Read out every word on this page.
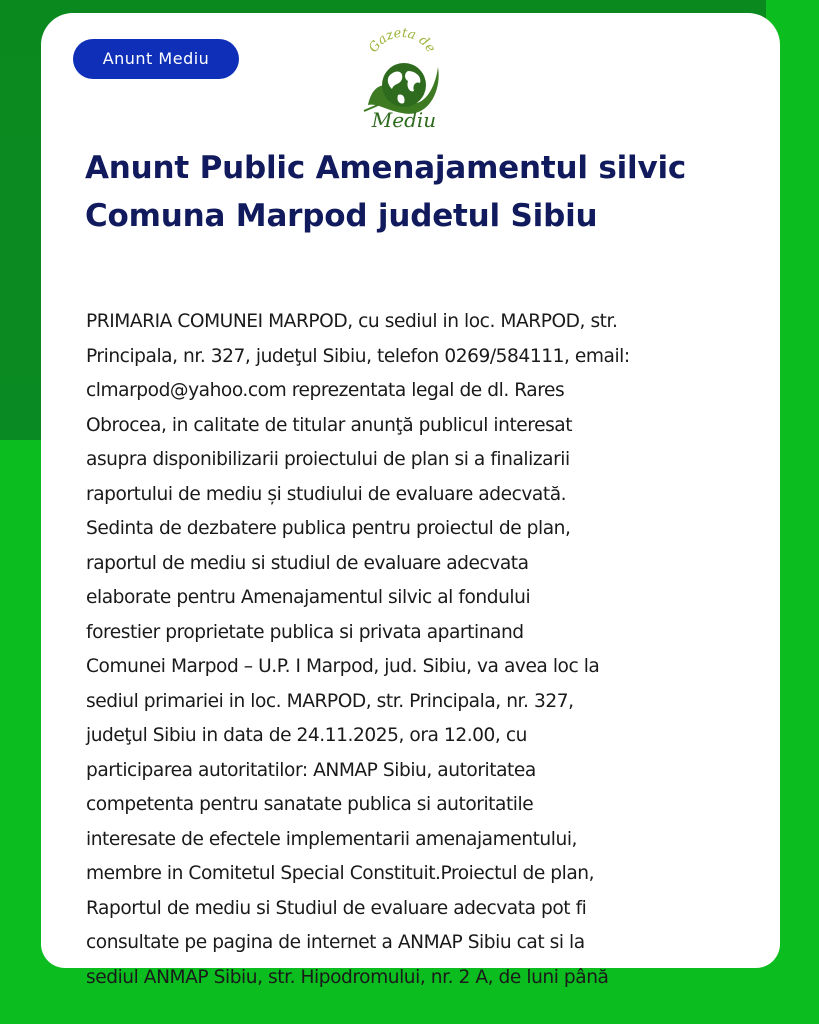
Anunt Mediu
Gazeta de
Mediu
Anunt Public Amenajamentul silvic
Comuna Marpod judetul Sibiu
PRIMARIA COMUNEI MARPOD, cu sediul in loc. MARPOD, str.
Principala, nr. 327, judeţul Sibiu, telefon 0269/584111, email:
clmarpod@yahoo.com reprezentata legal de dl. Rares
Obrocea, in calitate de titular anunţă publicul interesat
asupra disponibilizarii proiectului de plan si a finalizarii
raportului de mediu și studiului de evaluare adecvată.
Sedinta de dezbatere publica pentru proiectul de plan,
raportul de mediu si studiul de evaluare adecvata
elaborate pentru Amenajamentul silvic al fondului
forestier proprietate publica si privata apartinand
Comunei Marpod – U.P. I Marpod, jud. Sibiu, va avea loc la
sediul primariei in loc. MARPOD, str. Principala, nr. 327,
judeţul Sibiu in data de 24.11.2025, ora 12.00, cu
participarea autoritatilor: ANMAP Sibiu, autoritatea
competenta pentru sanatate publica si autoritatile
interesate de efectele implementarii amenajamentului,
membre in Comitetul Special Constituit.Proiectul de plan,
Raportul de mediu si Studiul de evaluare adecvata pot fi
consultate pe pagina de internet a ANMAP Sibiu cat si la
sediul ANMAP Sibiu, str. Hipodromului, nr. 2 A, de luni până
